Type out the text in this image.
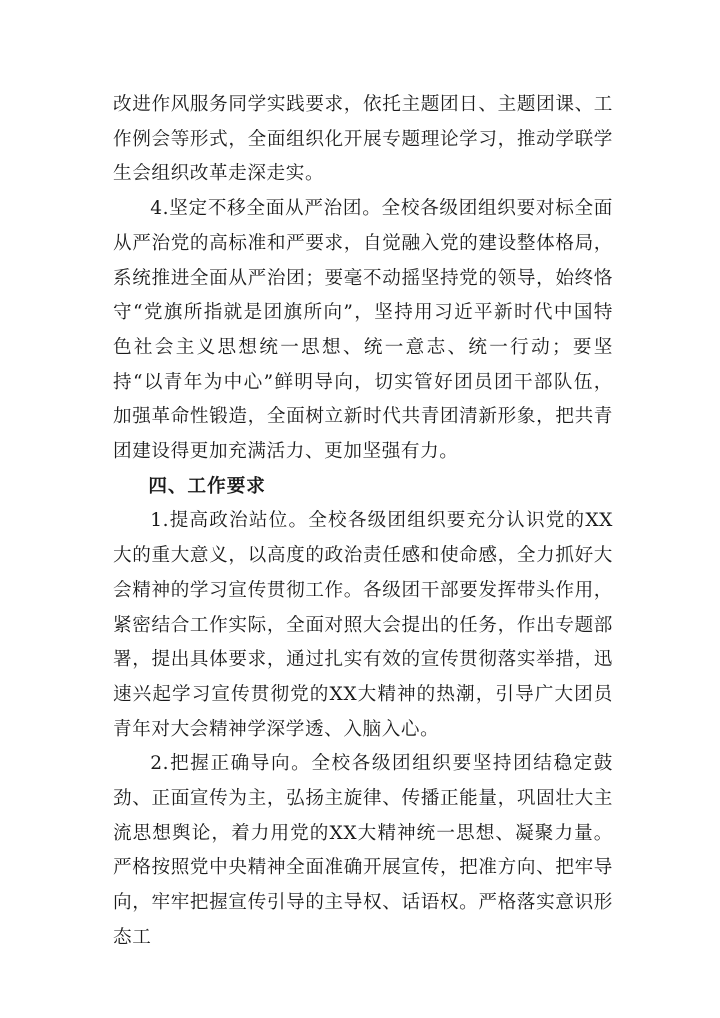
改进作风服务同学实践要求，依托主题团日、主题团课、工作例会等形式，全面组织化开展专题理论学习，推动学联学生会组织改革走深走实。

4.坚定不移全面从严治团。全校各级团组织要对标全面从严治党的高标准和严要求，自觉融入党的建设整体格局，系统推进全面从严治团；要毫不动摇坚持党的领导，始终恪守“党旗所指就是团旗所向”，坚持用习近平新时代中国特色社会主义思想统一思想、统一意志、统一行动；要坚持“以青年为中心”鲜明导向，切实管好团员团干部队伍，加强革命性锻造，全面树立新时代共青团清新形象，把共青团建设得更加充满活力、更加坚强有力。

四、工作要求

1.提高政治站位。全校各级团组织要充分认识党的XX大的重大意义，以高度的政治责任感和使命感，全力抓好大会精神的学习宣传贯彻工作。各级团干部要发挥带头作用，紧密结合工作实际，全面对照大会提出的任务，作出专题部署，提出具体要求，通过扎实有效的宣传贯彻落实举措，迅速兴起学习宣传贯彻党的XX大精神的热潮，引导广大团员青年对大会精神学深学透、入脑入心。

2.把握正确导向。全校各级团组织要坚持团结稳定鼓劲、正面宣传为主，弘扬主旋律、传播正能量，巩固壮大主流思想舆论，着力用党的XX大精神统一思想、凝聚力量。严格按照党中央精神全面准确开展宣传，把准方向、把牢导向，牢牢把握宣传引导的主导权、话语权。严格落实意识形态工
